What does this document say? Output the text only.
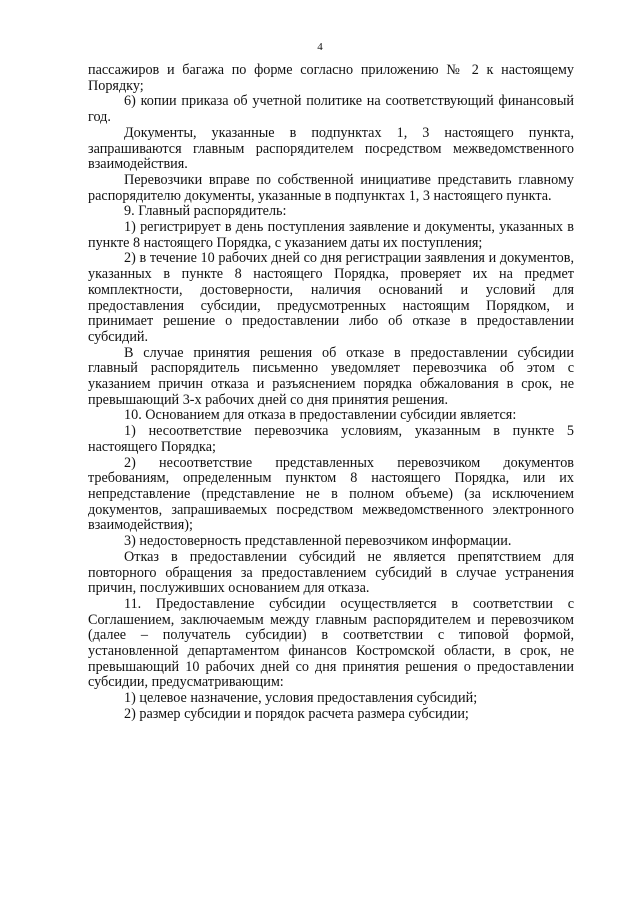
4

пассажиров и багажа по форме согласно приложению № 2 к настоящему Порядку;

6) копии приказа об учетной политике на соответствующий финансовый год.

Документы, указанные в подпунктах 1, 3 настоящего пункта, запрашиваются главным распорядителем посредством межведомственного взаимодействия.

Перевозчики вправе по собственной инициативе представить главному распорядителю документы, указанные в подпунктах 1, 3 настоящего пункта.

9. Главный распорядитель:

1) регистрирует в день поступления заявление и документы, указанных в пункте 8 настоящего Порядка, с указанием даты их поступления;

2) в течение 10 рабочих дней со дня регистрации заявления и документов, указанных в пункте 8 настоящего Порядка, проверяет их на предмет комплектности, достоверности, наличия оснований и условий для предоставления субсидии, предусмотренных настоящим Порядком, и принимает решение о предоставлении либо об отказе в предоставлении субсидий.

В случае принятия решения об отказе в предоставлении субсидии главный распорядитель письменно уведомляет перевозчика об этом с указанием причин отказа и разъяснением порядка обжалования в срок, не превышающий 3-х рабочих дней со дня принятия решения.

10. Основанием для отказа в предоставлении субсидии является:

1) несоответствие перевозчика условиям, указанным в пункте 5 настоящего Порядка;

2) несоответствие представленных перевозчиком документов требованиям, определенным пунктом 8 настоящего Порядка, или их непредставление (представление не в полном объеме) (за исключением документов, запрашиваемых посредством межведомственного электронного взаимодействия);

3) недостоверность представленной перевозчиком информации.

Отказ в предоставлении субсидий не является препятствием для повторного обращения за предоставлением субсидий в случае устранения причин, послуживших основанием для отказа.

11. Предоставление субсидии осуществляется в соответствии с Соглашением, заключаемым между главным распорядителем и перевозчиком (далее – получатель субсидии) в соответствии с типовой формой, установленной департаментом финансов Костромской области, в срок, не превышающий 10 рабочих дней со дня принятия решения о предоставлении субсидии, предусматривающим:

1) целевое назначение, условия предоставления субсидий;

2) размер субсидии и порядок расчета размера субсидии;
